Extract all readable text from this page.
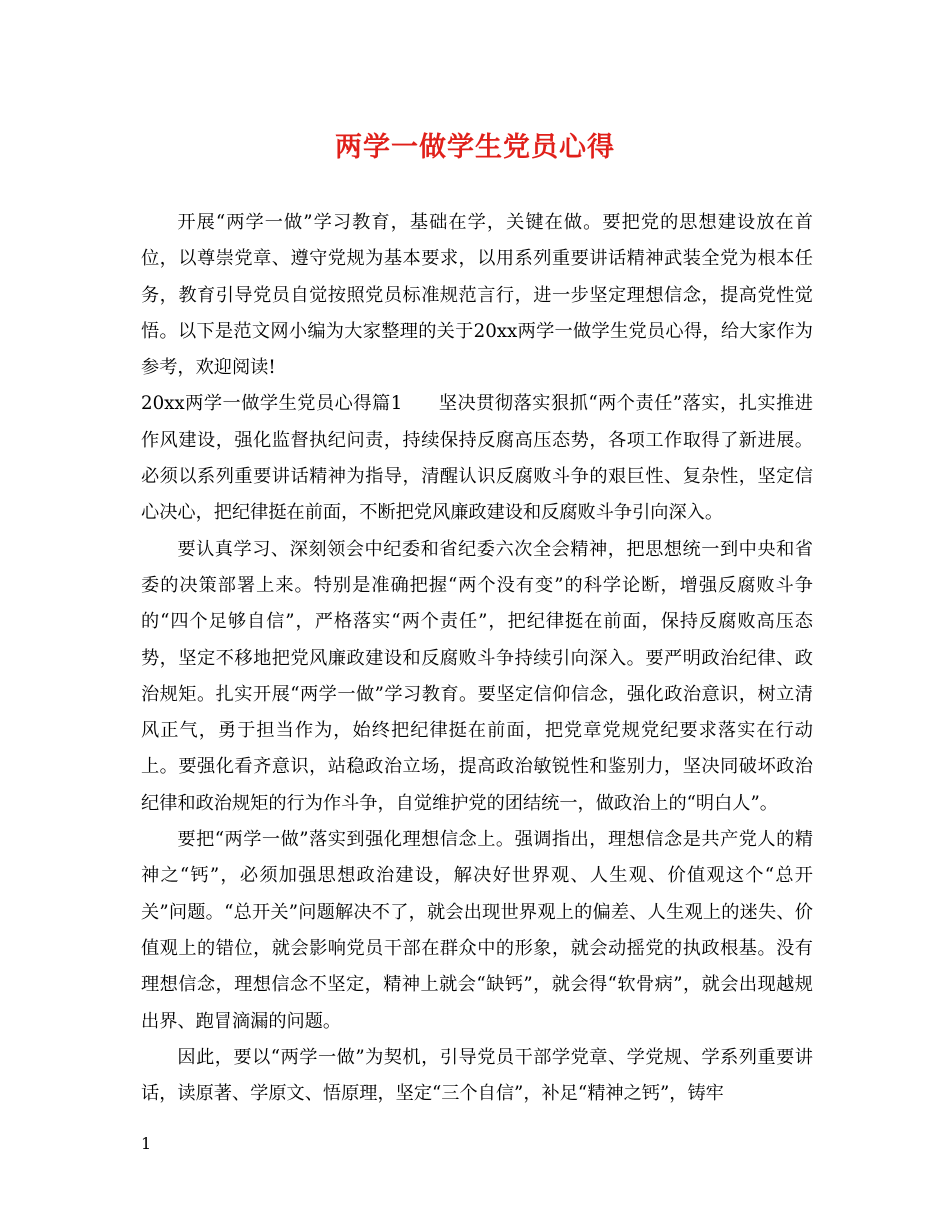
两学一做学生党员心得

开展“两学一做”学习教育，基础在学，关键在做。要把党的思想建设放在首位，以尊崇党章、遵守党规为基本要求，以用系列重要讲话精神武装全党为根本任务，教育引导党员自觉按照党员标准规范言行，进一步坚定理想信念，提高党性觉悟。以下是范文网小编为大家整理的关于20xx两学一做学生党员心得，给大家作为参考，欢迎阅读!

20xx两学一做学生党员心得篇1 坚决贯彻落实狠抓“两个责任”落实，扎实推进作风建设，强化监督执纪问责，持续保持反腐高压态势，各项工作取得了新进展。必须以系列重要讲话精神为指导，清醒认识反腐败斗争的艰巨性、复杂性，坚定信心决心，把纪律挺在前面，不断把党风廉政建设和反腐败斗争引向深入。

要认真学习、深刻领会中纪委和省纪委六次全会精神，把思想统一到中央和省委的决策部署上来。特别是准确把握“两个没有变”的科学论断，增强反腐败斗争的“四个足够自信”，严格落实“两个责任”，把纪律挺在前面，保持反腐败高压态势，坚定不移地把党风廉政建设和反腐败斗争持续引向深入。要严明政治纪律、政治规矩。扎实开展“两学一做”学习教育。要坚定信仰信念，强化政治意识，树立清风正气，勇于担当作为，始终把纪律挺在前面，把党章党规党纪要求落实在行动上。要强化看齐意识，站稳政治立场，提高政治敏锐性和鉴别力，坚决同破坏政治纪律和政治规矩的行为作斗争，自觉维护党的团结统一，做政治上的“明白人”。

要把“两学一做”落实到强化理想信念上。强调指出，理想信念是共产党人的精神之“钙”，必须加强思想政治建设，解决好世界观、人生观、价值观这个“总开关”问题。“总开关”问题解决不了，就会出现世界观上的偏差、人生观上的迷失、价值观上的错位，就会影响党员干部在群众中的形象，就会动摇党的执政根基。没有理想信念，理想信念不坚定，精神上就会“缺钙”，就会得“软骨病”，就会出现越规出界、跑冒滴漏的问题。

因此，要以“两学一做”为契机，引导党员干部学党章、学党规、学系列重要讲话，读原著、学原文、悟原理，坚定“三个自信”，补足“精神之钙”，铸牢

1
